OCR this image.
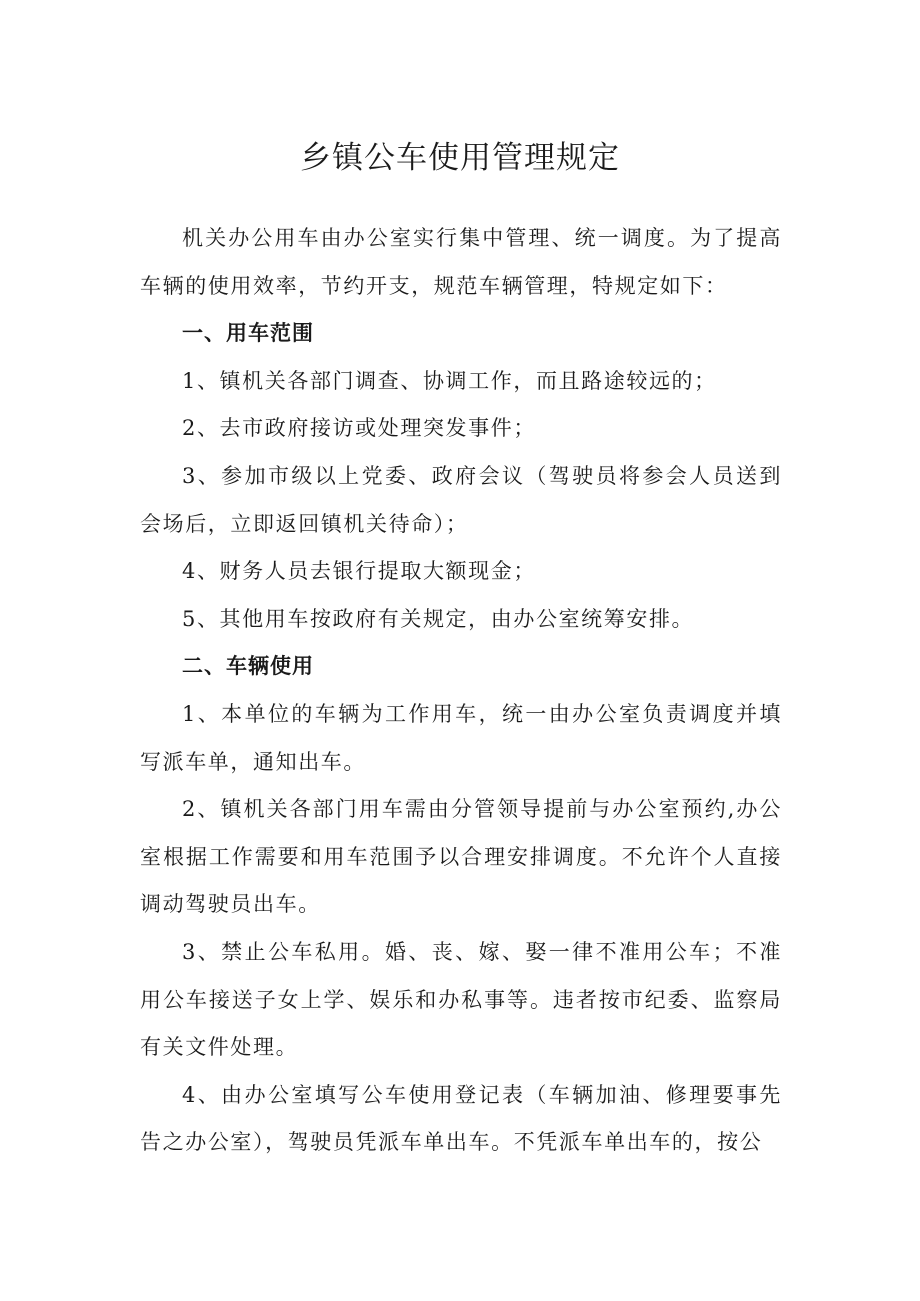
乡镇公车使用管理规定

机关办公用车由办公室实行集中管理、统一调度。为了提高车辆的使用效率，节约开支，规范车辆管理，特规定如下：

一、用车范围

1、镇机关各部门调查、协调工作，而且路途较远的；

2、去市政府接访或处理突发事件；

3、参加市级以上党委、政府会议（驾驶员将参会人员送到会场后，立即返回镇机关待命）；

4、财务人员去银行提取大额现金；

5、其他用车按政府有关规定，由办公室统筹安排。

二、车辆使用

1、本单位的车辆为工作用车，统一由办公室负责调度并填写派车单，通知出车。

2、镇机关各部门用车需由分管领导提前与办公室预约,办公室根据工作需要和用车范围予以合理安排调度。不允许个人直接调动驾驶员出车。

3、禁止公车私用。婚、丧、嫁、娶一律不准用公车；不准用公车接送子女上学、娱乐和办私事等。违者按市纪委、监察局有关文件处理。

4、由办公室填写公车使用登记表（车辆加油、修理要事先告之办公室），驾驶员凭派车单出车。不凭派车单出车的，按公
